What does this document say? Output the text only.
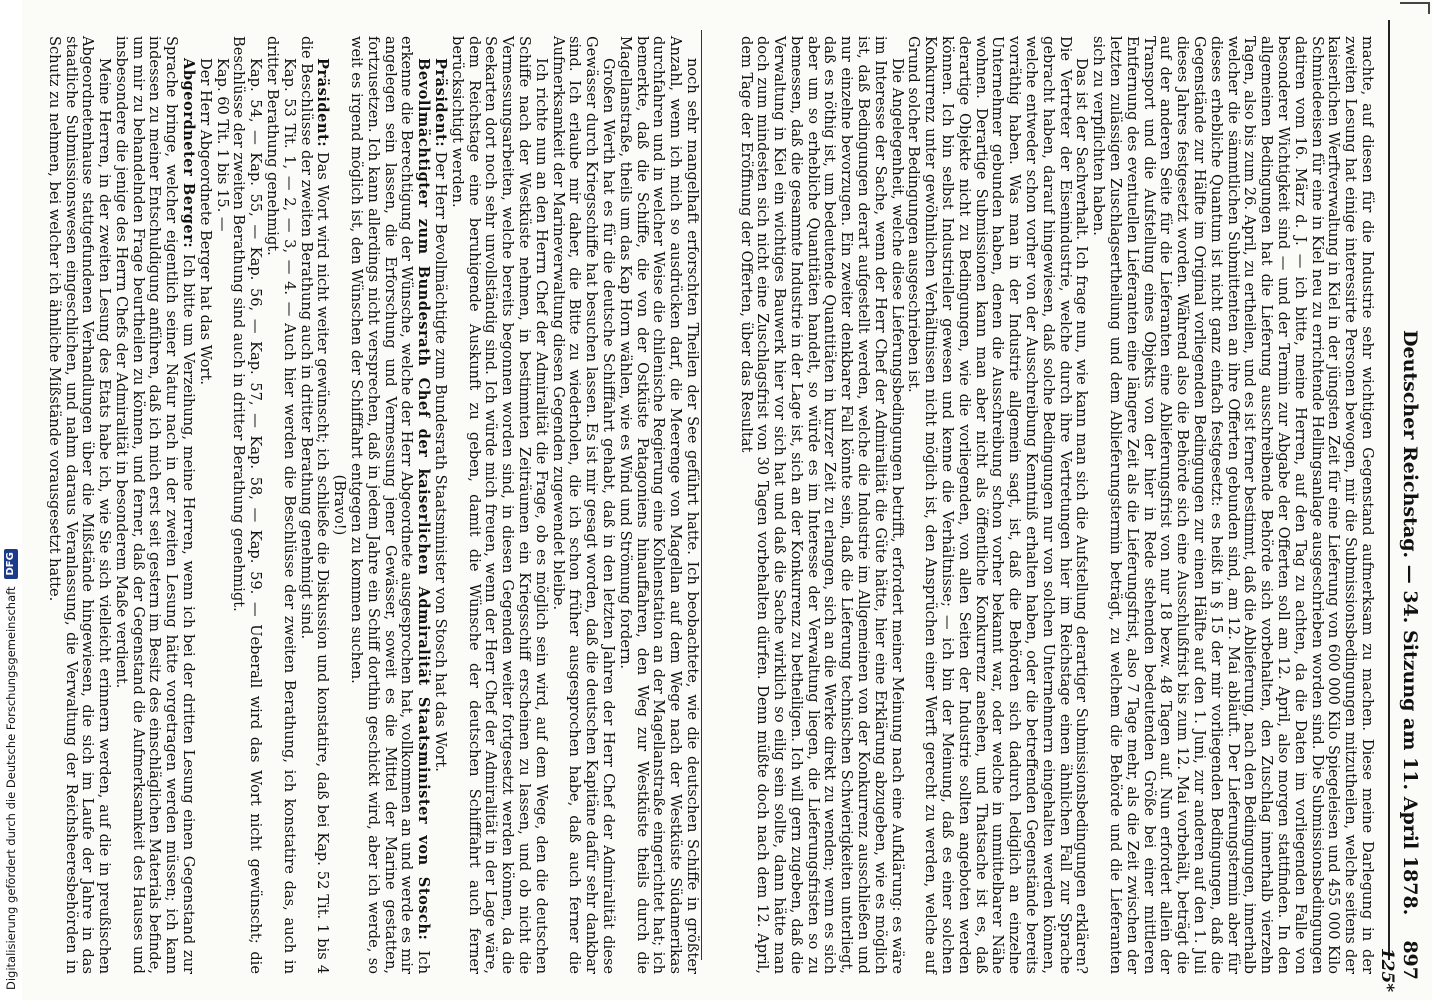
Digitalisierung gefördert durch die Deutsche Forschungsgemeinschaft
DFG	noch sehr mangelhaft erforschten Theilen der See geführt hatte. Ich beobachtete, wie die deutschen Schiffe in größter Anzahl, wenn ich mich so ausdrücken darf, die Meerenge von Magellan auf dem Wege nach der Westküste Südamerikas durchfahren und in welcher Weise die chilenische Regierung eine Kohlenstation an der Magellanstraße eingerichtet hat; ich bemerkte, daß die Schiffe, die von der Ostküste Patagoniens hinauffahren, den Weg zur Westküste theils durch die Magellanstraße, theils um das Kap Horn wählen, wie es Wind und Strömung fordern.

Großen Werth hat es für die deutsche Schifffahrt gehabt, daß in den letzten Jahren der Herr Chef der Admiralität diese Gewässer durch Kriegsschiffe hat besuchen lassen. Es ist mir gesagt worden, daß die deutschen Kapitäne dafür sehr dankbar sind. Ich erlaube mir daher, die Bitte zu wiederholen, die ich schon früher ausgesprochen habe, daß auch ferner die Aufmerksamkeit der Marineverwaltung diesen Gegenden zugewendet bleibe.

Ich richte nun an den Herrn Chef der Admiralität die Frage, ob es möglich sein wird, auf dem Wege, den die deutschen Schiffe nach der Westküste nehmen, in bestimmten Zeiträumen ein Kriegsschiff erscheinen zu lassen, und ob nicht die Vermessungsarbeiten, welche bereits begonnen worden sind, in diesen Gegenden weiter fortgesetzt werden können, da die Seekarten dort noch sehr unvollständig sind. Ich würde mich freuen, wenn der Herr Chef der Admiralität in der Lage wäre, dem Reichstage eine beruhigende Auskunft zu geben, damit die Wünsche der deutschen Schifffahrt auch ferner berücksichtigt werden.

Präsident: Der Herr Bevollmächtigte zum Bundesrath Staatsminister von Stosch hat das Wort.

Bevollmächtigter zum Bundesrath Chef der kaiserlichen Admiralität Staatsminister von Stosch: Ich erkenne die Berechtigung der Wünsche, welche der Herr Abgeordnete ausgesprochen hat, vollkommen an und werde es mir angelegen sein lassen, die Erforschung und Vermessung jener Gewässer, soweit es die Mittel der Marine gestatten, fortzusetzen. Ich kann allerdings nicht versprechen, daß in jedem Jahre ein Schiff dorthin geschickt wird, aber ich werde, so weit es irgend möglich ist, den Wünschen der Schifffahrt entgegen zu kommen suchen.

(Bravo!)

Präsident: Das Wort wird nicht weiter gewünscht; ich schließe die Diskussion und konstatire, daß bei Kap. 52 Tit. 1 bis 4 die Beschlüsse der zweiten Berathung auch in dritter Berathung genehmigt sind.

Kap. 53 Tit. 1, — 2, — 3, — 4. — Auch hier werden die Beschlüsse der zweiten Berathung, ich konstatire das, auch in dritter Berathung genehmigt.

Kap. 54, — Kap. 55, — Kap. 56, — Kap. 57, — Kap. 58, — Kap. 59. — Ueberall wird das Wort nicht gewünscht; die Beschlüsse der zweiten Berathung sind auch in dritter Berathung genehmigt.

Kap. 60 Tit. 1 bis 15. —

Der Herr Abgeordnete Berger hat das Wort.

Abgeordneter Berger: Ich bitte um Verzeihung, meine Herren, wenn ich bei der dritten Lesung einen Gegenstand zur Sprache bringe, welcher eigentlich seiner Natur nach in der zweiten Lesung hätte vorgetragen werden müssen; ich kann indessen zu meiner Entschuldigung anführen, daß ich mich erst seit gestern im Besitz des einschläglichen Materials befinde, um mir zu behandelnden Frage beurtheilen zu können, und ferner, daß der Gegenstand die Aufmerksamkeit des Hauses und insbesondere die jenige des Herrn Chefs der Admiralität in besonderem Maße verdient.

Meine Herren, in der zweiten Lesung des Etats habe ich, wie Sie sich vielleicht erinnern werden, auf die in preußischen Abgeordnetenhause stattgefundenen Verhandlungen über die Mißstände hingewiesen, die sich im Laufe der Jahre in das staatliche Submissionswesen eingeschlichen, und nahm daraus Veranlassung, die Verwaltung der Reichsheeresbehörden in Schutz zu nehmen, bei welcher ich ähnliche Mißstände vorausgesetzt hatte.	machte, auf diesen für die Industrie sehr wichtigen Gegenstand aufmerksam zu machen. Diese meine Darlegung in der zweiten Lesung hat einige interessirte Personen bewogen, mir die Submissionsbedingungen mitzutheilen, welche seitens der kaiserlichen Werftverwaltung in Kiel in der jüngsten Zeit für eine Lieferung von 600 000 Kilo Spiegeleisen und 455 000 Kilo Schmiedeeisen für eine in Kiel neu zu errichtende Hellingsanlage ausgeschrieben worden sind. Die Submissionsbedingungen datiren vom 16. März d. J. — ich bitte, meine Herren, auf den Tag zu achten, da die Daten im vorliegenden Falle von besonderer Wichtigkeit sind — und der Termin zur Abgabe der Offerten soll am 12. April, also morgen stattfinden. In den allgemeinen Bedingungen hat die Lieferung ausschreibende Behörde sich vorbehalten, den Zuschlag innerhalb vierzehn Tagen, also bis zum 26. April, zu ertheilen, und es ist ferner bestimmt, daß die Ablieferung, nach den Bedingungen, innerhalb welcher die sämmtlichen Submittenten an ihre Offerten gebunden sind, am 12. Mai abläuft. Der Lieferungstermin aber für dieses erhebliche Quantum ist nicht ganz einfach festgesetzt: es heißt in § 15 der mir vorliegenden Bedingungen, daß die Gegenstände zur Hälfte im Original vorliegenden Bedingungen zur einen Hälfte auf den 1. Juni, zur anderen auf den 1. Juli dieses Jahres festgesetzt worden. Während also die Behörde sich eine Ausschlußfrist bis zum 12. Mai vorbehält, beträgt die auf der anderen Seite für die Lieferanten eine Ablieferungsfrist von nur 18 bezw. 48 Tagen auf. Nun erfordert allein der Transport und die Aufstellung eines Objekts von der hier in Rede stehenden bedeutenden Größe bei einer mittleren Entfernung des eventuellen Lieferanten eine längere Zeit als die Lieferungsfrist, also 7 Tage mehr, als die Zeit zwischen der letzten zulässigen Zuschlagsertheilung und dem Ablieferungstermin beträgt, zu welchem die Behörde und die Lieferanten sich zu verpflichten haben.

Das ist der Sachverhalt. Ich frage nun, wie kann man sich die Aufstellung derartiger Submissionsbedingungen erklären? Die Vertreter der Eisenindustrie, welche durch ihre Vertretungen hier im Reichstage einen ähnlichen Fall zur Sprache gebracht haben, darauf hingewiesen, daß solche Bedingungen nur von solchen Unternehmern eingehalten werden können, welche entweder schon vorher von der Ausschreibung Kenntniß erhalten haben, oder die betreffenden Gegenstände bereits vorräthig haben. Was man in der Industrie allgemein sagt, ist, daß die Behörden sich dadurch lediglich an einzelne Unternehmer gebunden haben, denen die Ausschreibung schon vorher bekannt war, oder welche in unmittelbarer Nähe wohnen. Derartige Submissionen kann man aber nicht als öffentliche Konkurrenz ansehen, und Thatsache ist es, daß derartige Objekte nicht zu Bedingungen, wie die vorliegenden, von allen Seiten der Industrie sollten angeboten werden können. Ich bin selbst Industrieller gewesen und kenne die Verhältnisse; — ich bin der Meinung, daß es einer solchen Konkurrenz unter gewöhnlichen Verhältnissen nicht möglich ist, den Ansprüchen einer Werft gerecht zu werden, welche auf Grund solcher Bedingungen ausgeschrieben ist.

Die Angelegenheit, welche diese Lieferungsbedingungen betrifft, erfordert meiner Meinung nach eine Aufklärung: es wäre im Interesse der Sache, wenn der Herr Chef der Admiralität die Güte hätte, hier eine Erklärung abzugeben, wie es möglich ist, daß Bedingungen derart aufgestellt werden, welche die Industrie im Allgemeinen von der Konkurrenz ausschließen und nur einzelne bevorzugen. Ein zweiter denkbarer Fall könnte sein, daß die Lieferung technischen Schwierigkeiten unterliegt, daß es nöthig ist, um bedeutende Quantitäten in kurzer Zeit zu erlangen, sich an die Werke direkt zu wenden; wenn es sich aber um so erhebliche Quantitäten handelt, so würde es im Interesse der Verwaltung liegen, die Lieferungsfristen so zu bemessen, daß die gesammte Industrie in der Lage ist, sich an der Konkurrenz zu betheiligen. Ich will gern zugeben, daß die Verwaltung in Kiel ein wichtiges Bauwerk hier vor sich hat und daß die Sache wirklich so eilig sein sollte, dann hätte man doch zum mindesten sich nicht eine Zuschlagsfrist von 30 Tagen vorbehalten dürfen. Denn müßte doch nach dem 12. April, dem Tage der Eröffnung der Offerten, über das Resultat

Deutscher Reichstag. — 34. Sitzung am 11. April 1878.
897
125*
